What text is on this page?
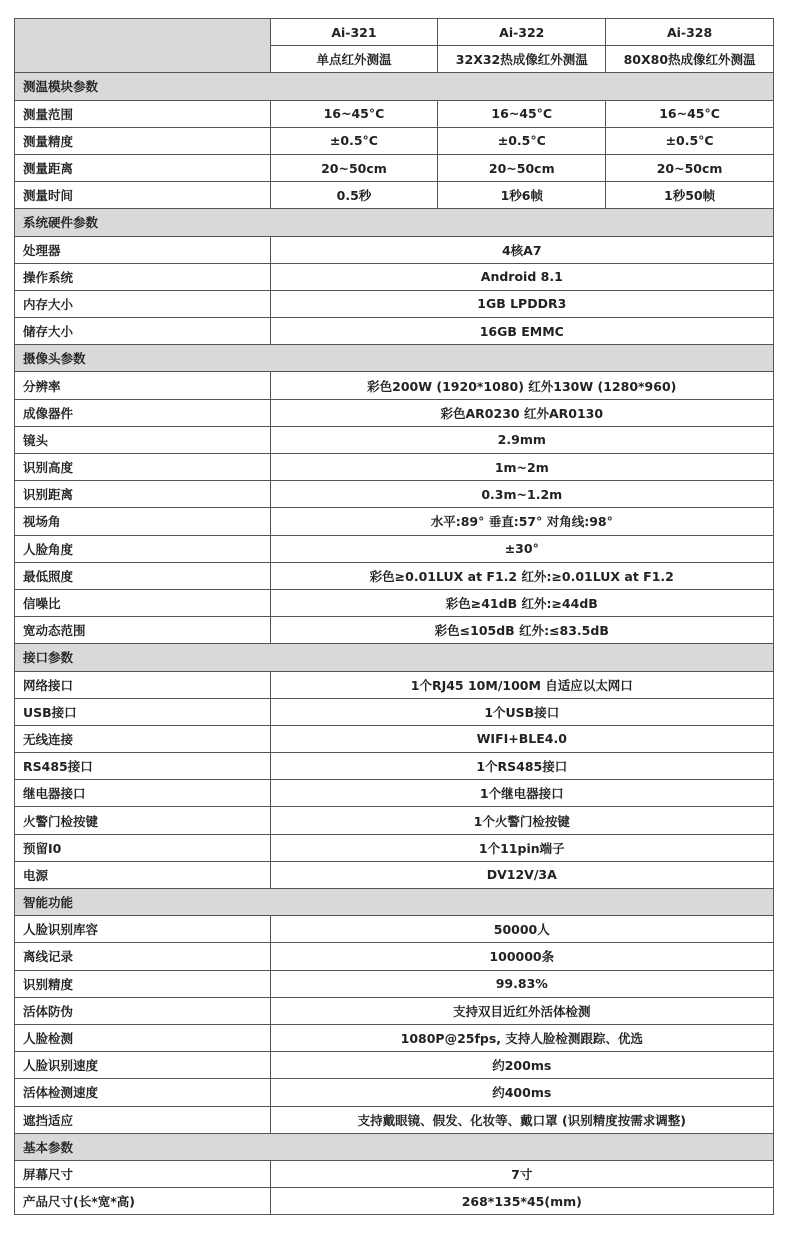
	Ai-321	Ai-322	Ai-328
	单点红外测温	32X32热成像红外测温	80X80热成像红外测温
测温模块参数			
测量范围	16~45°C	16~45°C	16~45°C
测量精度	±0.5°C	±0.5°C	±0.5°C
测量距离	20~50cm	20~50cm	20~50cm
测量时间	0.5秒	1秒6帧	1秒50帧
系统硬件参数			
处理器	4核A7		
操作系统	Android 8.1		
内存大小	1GB LPDDR3		
储存大小	16GB EMMC		
摄像头参数			
分辨率	彩色200W (1920*1080) 红外130W (1280*960)		
成像器件	彩色AR0230 红外AR0130		
镜头	2.9mm		
识别高度	1m~2m		
识别距离	0.3m~1.2m		
视场角	水平:89° 垂直:57° 对角线:98°		
人脸角度	±30°		
最低照度	彩色≥0.01LUX at F1.2 红外:≥0.01LUX at F1.2		
信噪比	彩色≥41dB 红外:≥44dB		
宽动态范围	彩色≤105dB 红外:≤83.5dB		
接口参数			
网络接口	1个RJ45 10M/100M 自适应以太网口		
USB接口	1个USB接口		
无线连接	WIFI+BLE4.0		
RS485接口	1个RS485接口		
继电器接口	1个继电器接口		
火警门检按键	1个火警门检按键		
预留I0	1个11pin端子		
电源	DV12V/3A		
智能功能			
人脸识别库容	50000人		
离线记录	100000条		
识别精度	99.83%		
活体防伪	支持双目近红外活体检测		
人脸检测	1080P@25fps, 支持人脸检测跟踪、优选		
人脸识别速度	约200ms		
活体检测速度	约400ms		
遮挡适应	支持戴眼镜、假发、化妆等、戴口罩 (识别精度按需求调整)		
基本参数			
屏幕尺寸	7寸		
产品尺寸(长*宽*高)	268*135*45(mm)		
